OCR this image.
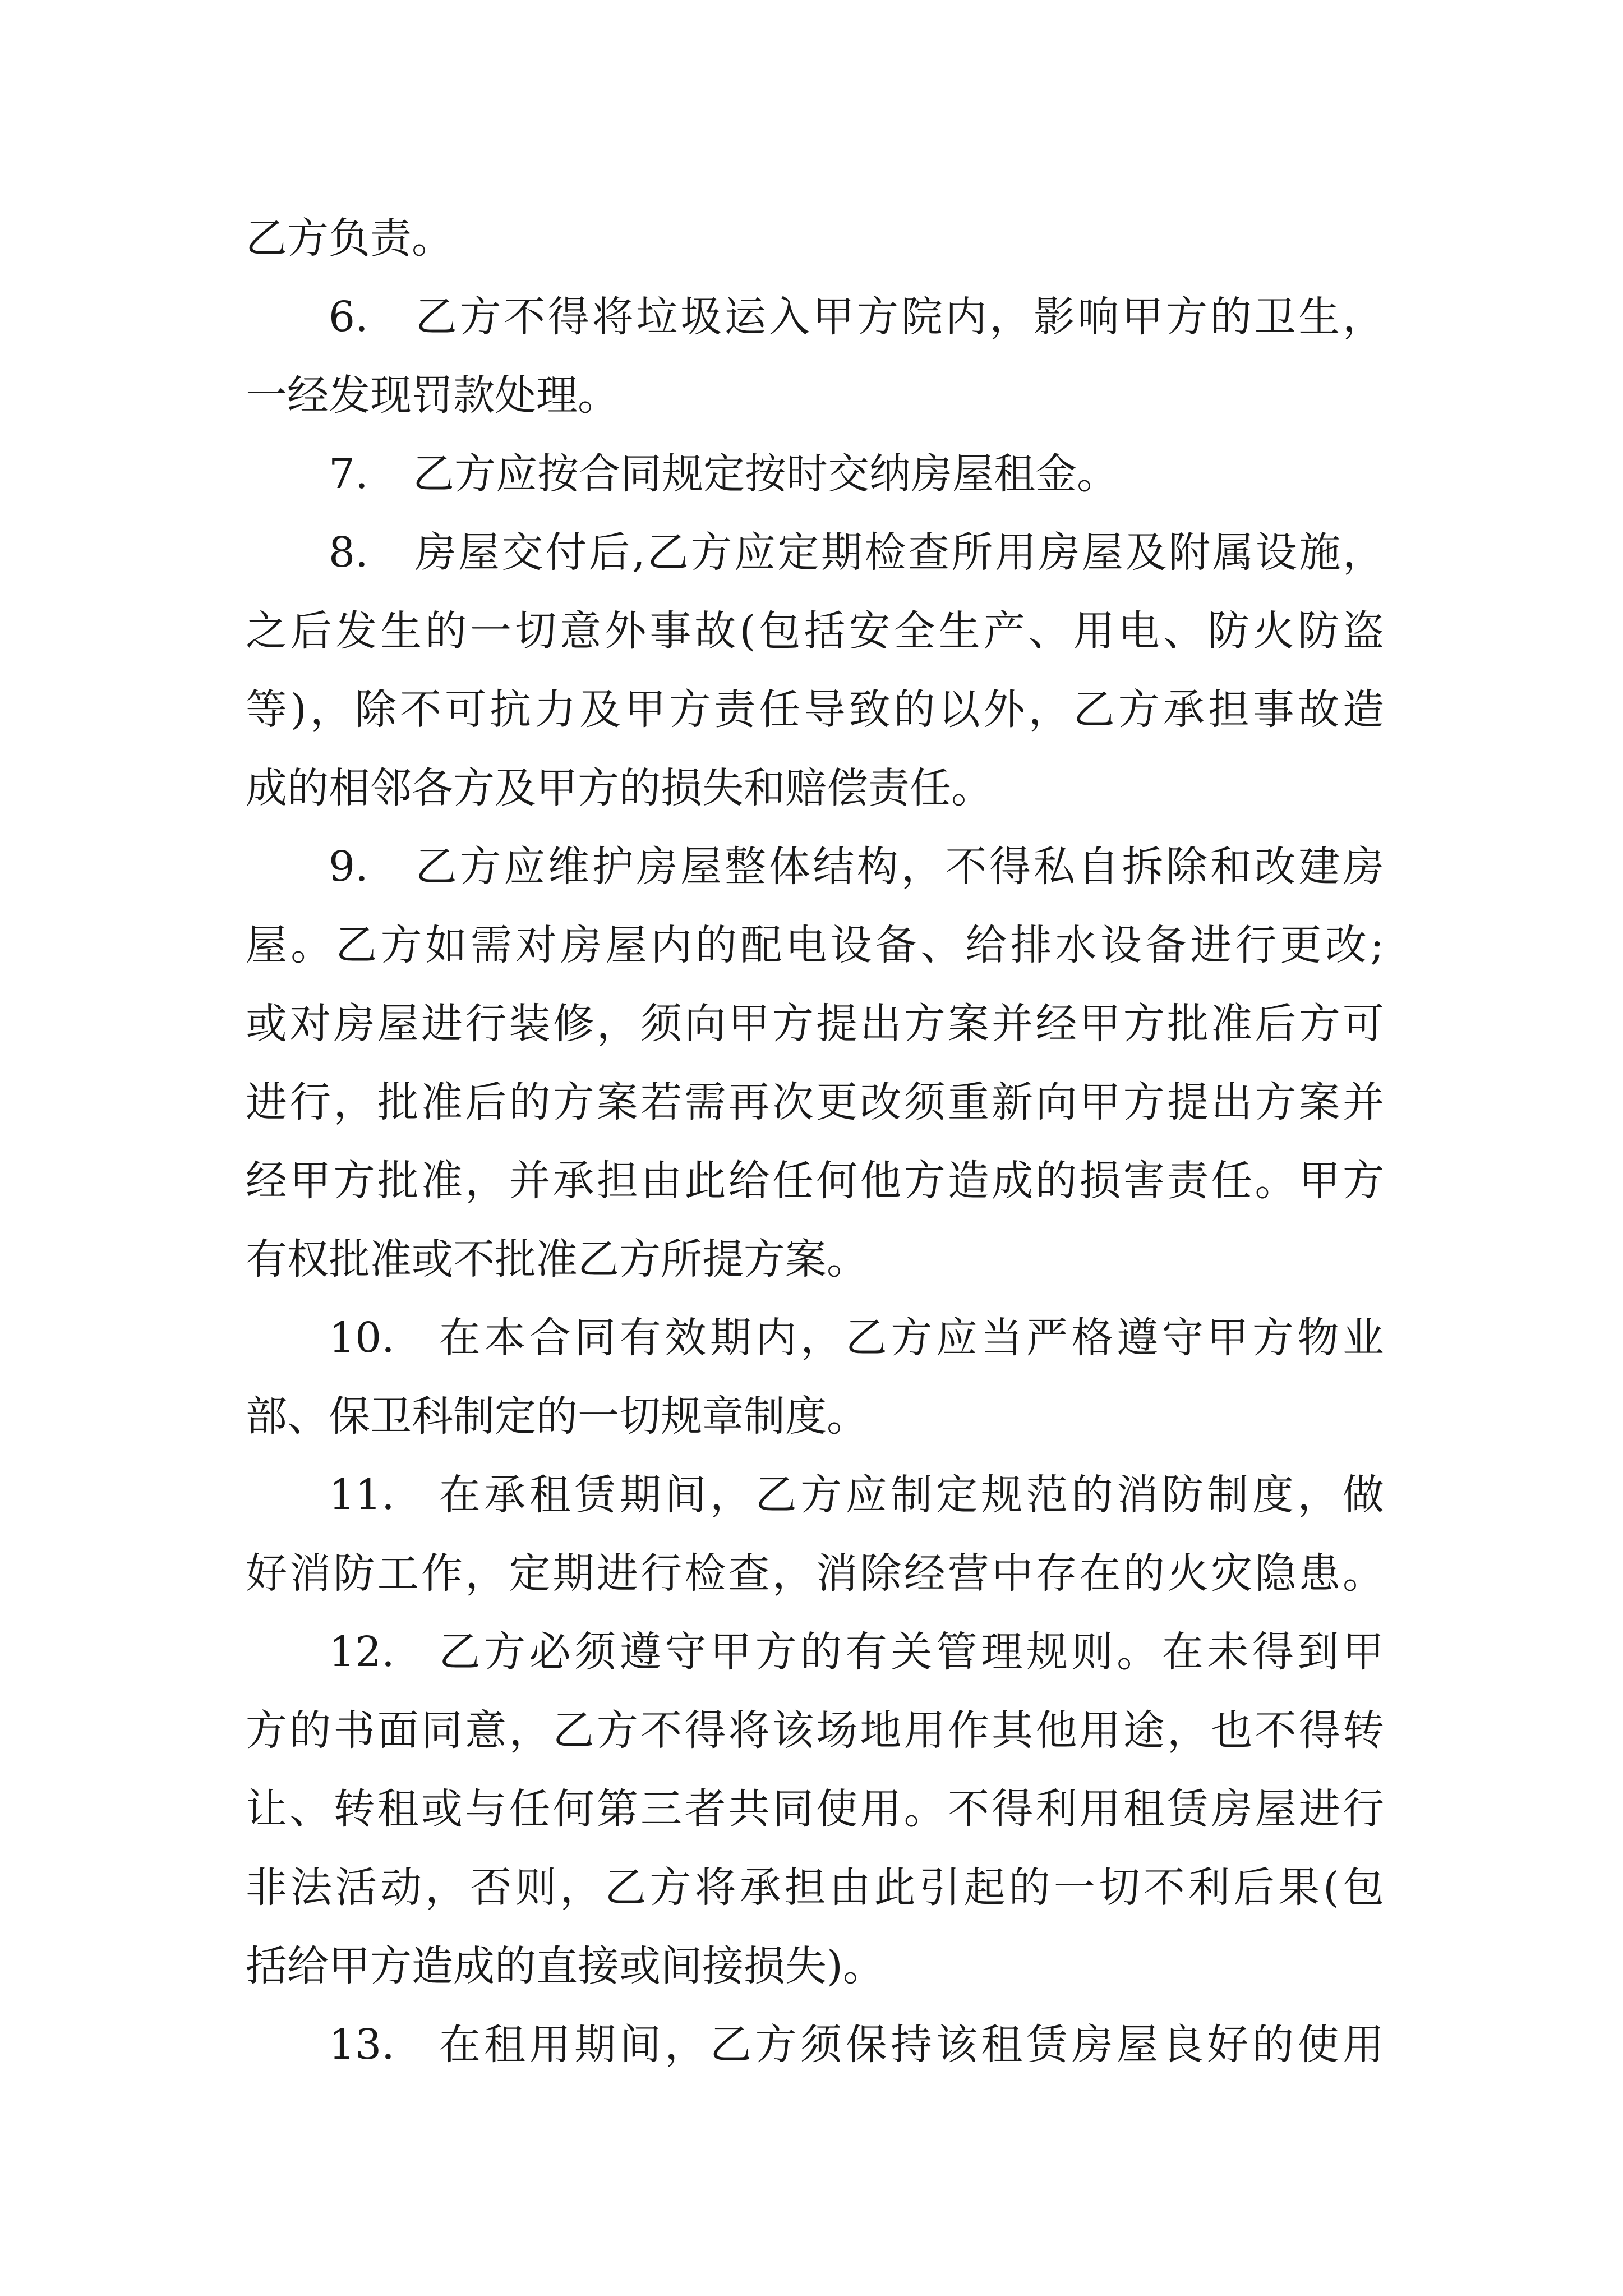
乙方负责。
6. 乙方不得将垃圾运入甲方院内，影响甲方的卫生，
一经发现罚款处理。
7. 乙方应按合同规定按时交纳房屋租金。
8. 房屋交付后,乙方应定期检查所用房屋及附属设施，
之后发生的一切意外事故(包括安全生产、用电、防火防盗
等)，除不可抗力及甲方责任导致的以外，乙方承担事故造
成的相邻各方及甲方的损失和赔偿责任。
9. 乙方应维护房屋整体结构，不得私自拆除和改建房
屋。乙方如需对房屋内的配电设备、给排水设备进行更改;
或对房屋进行装修，须向甲方提出方案并经甲方批准后方可
进行，批准后的方案若需再次更改须重新向甲方提出方案并
经甲方批准，并承担由此给任何他方造成的损害责任。甲方
有权批准或不批准乙方所提方案。
10. 在本合同有效期内，乙方应当严格遵守甲方物业
部、保卫科制定的一切规章制度。
11. 在承租赁期间，乙方应制定规范的消防制度，做
好消防工作，定期进行检查，消除经营中存在的火灾隐患。
12. 乙方必须遵守甲方的有关管理规则。在未得到甲
方的书面同意，乙方不得将该场地用作其他用途，也不得转
让、转租或与任何第三者共同使用。不得利用租赁房屋进行
非法活动，否则，乙方将承担由此引起的一切不利后果(包
括给甲方造成的直接或间接损失)。
13. 在租用期间，乙方须保持该租赁房屋良好的使用
